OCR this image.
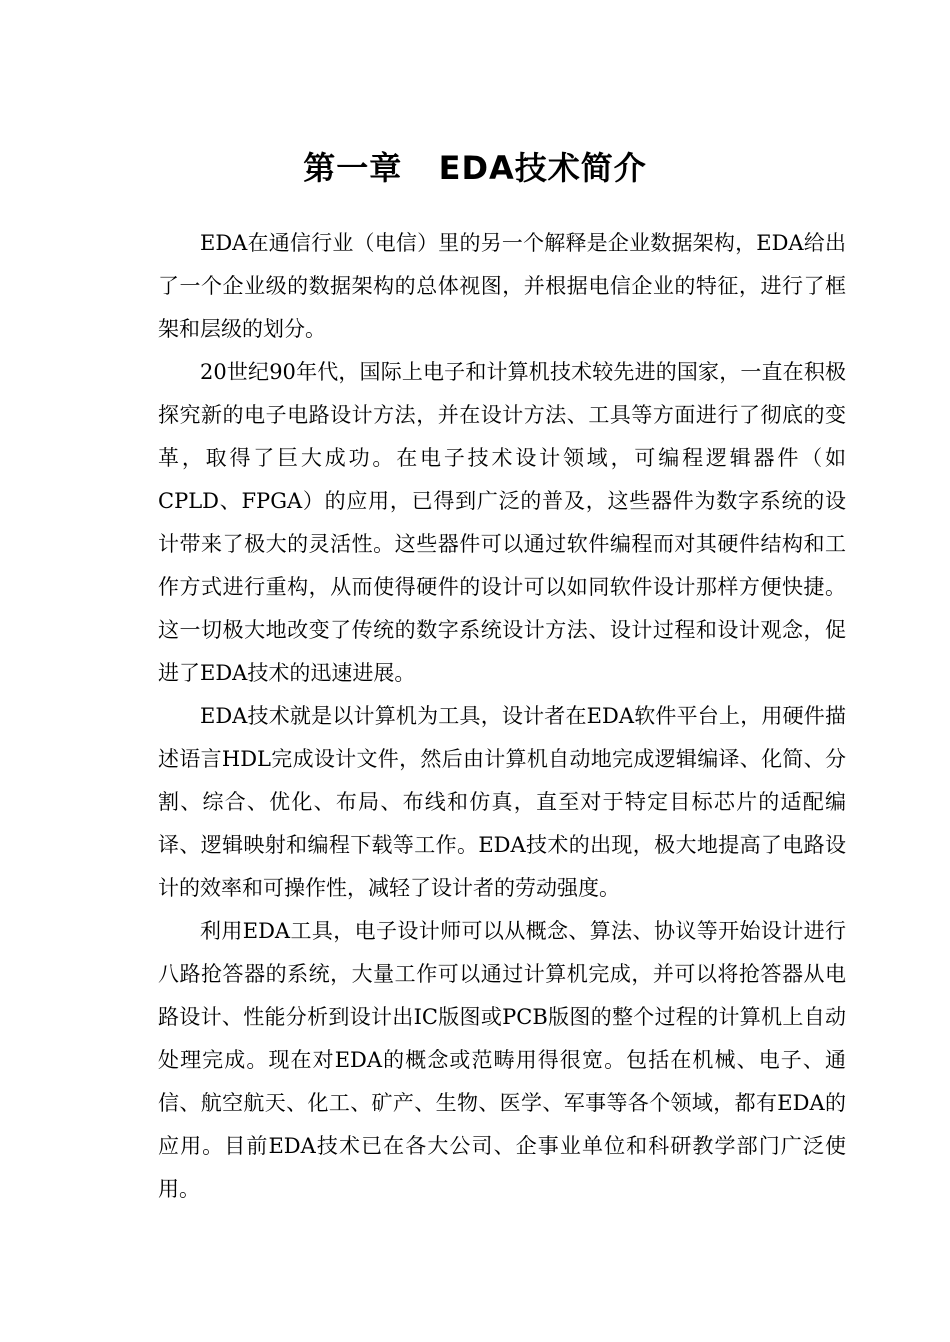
第一章   EDA技术简介

EDA在通信行业（电信）里的另一个解释是企业数据架构，EDA给出了一个企业级的数据架构的总体视图，并根据电信企业的特征，进行了框架和层级的划分。

20世纪90年代，国际上电子和计算机技术较先进的国家，一直在积极探究新的电子电路设计方法，并在设计方法、工具等方面进行了彻底的变革，取得了巨大成功。在电子技术设计领域，可编程逻辑器件（如CPLD、FPGA）的应用，已得到广泛的普及，这些器件为数字系统的设计带来了极大的灵活性。这些器件可以通过软件编程而对其硬件结构和工作方式进行重构，从而使得硬件的设计可以如同软件设计那样方便快捷。这一切极大地改变了传统的数字系统设计方法、设计过程和设计观念，促进了EDA技术的迅速进展。

EDA技术就是以计算机为工具，设计者在EDA软件平台上，用硬件描述语言HDL完成设计文件，然后由计算机自动地完成逻辑编译、化简、分割、综合、优化、布局、布线和仿真，直至对于特定目标芯片的适配编译、逻辑映射和编程下载等工作。EDA技术的出现，极大地提高了电路设计的效率和可操作性，减轻了设计者的劳动强度。

利用EDA工具，电子设计师可以从概念、算法、协议等开始设计进行八路抢答器的系统，大量工作可以通过计算机完成，并可以将抢答器从电路设计、性能分析到设计出IC版图或PCB版图的整个过程的计算机上自动处理完成。现在对EDA的概念或范畴用得很宽。包括在机械、电子、通信、航空航天、化工、矿产、生物、医学、军事等各个领域，都有EDA的应用。目前EDA技术已在各大公司、企事业单位和科研教学部门广泛使用。
